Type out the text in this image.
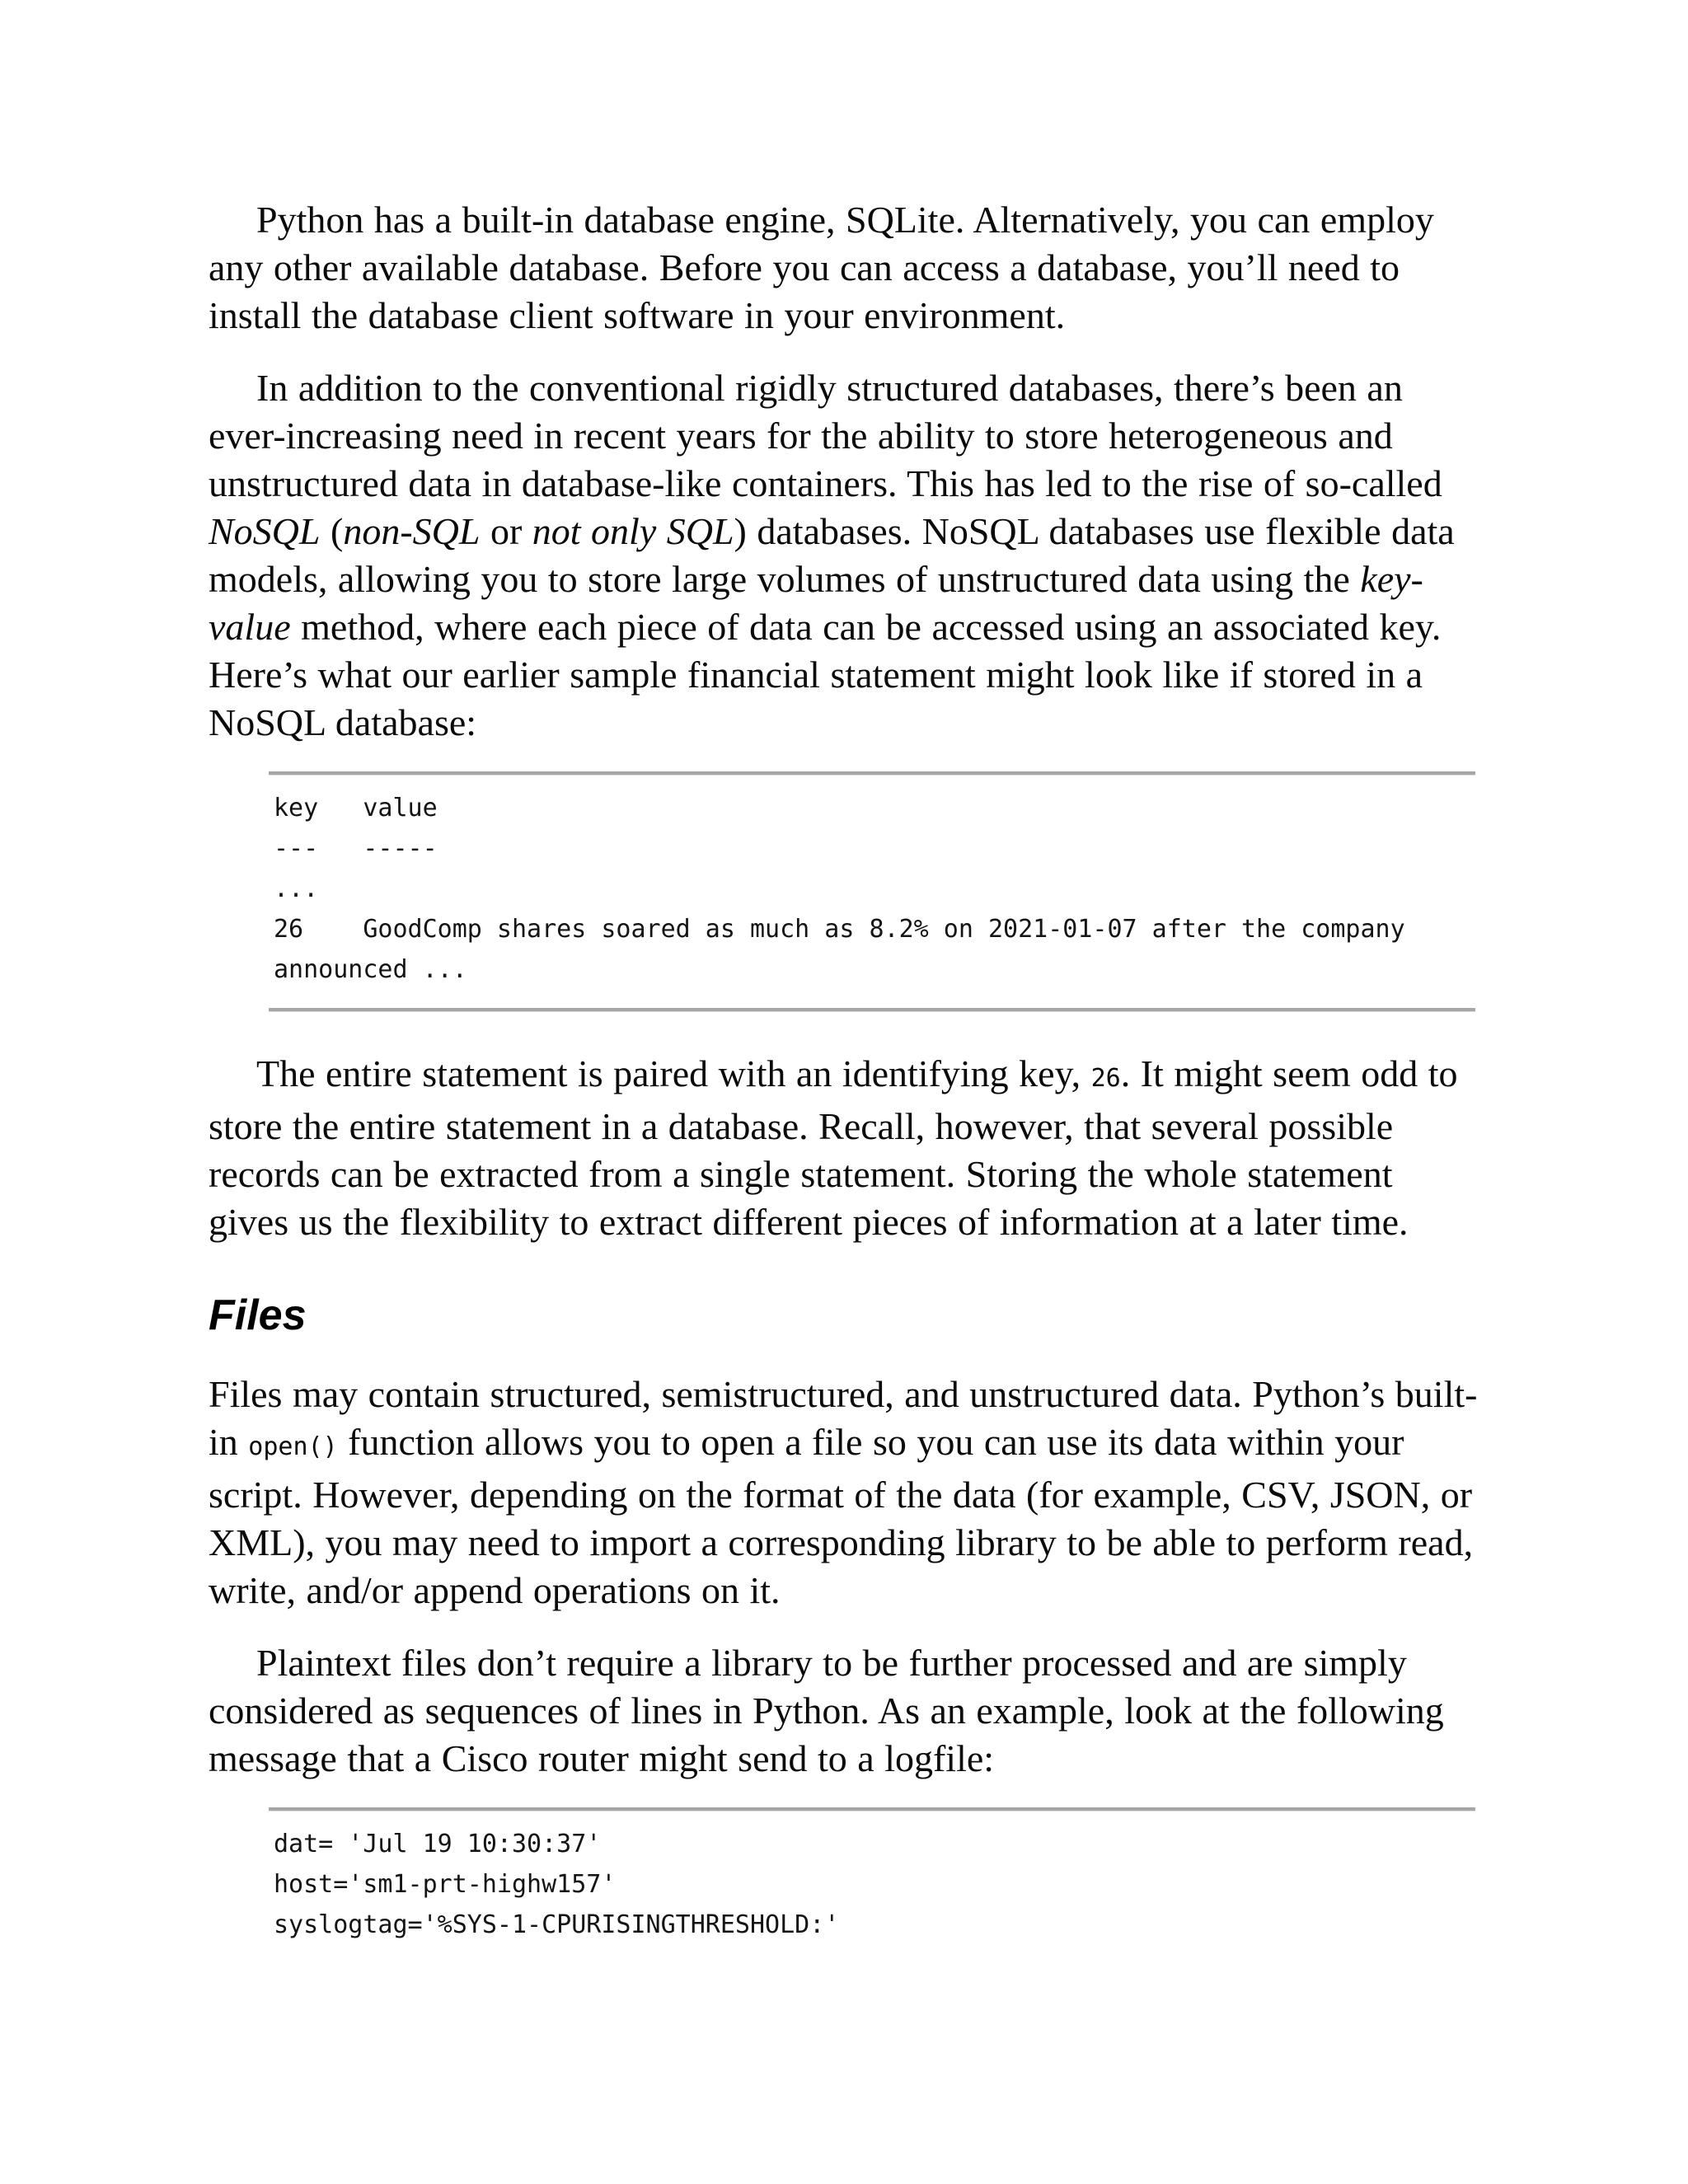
Python has a built-in database engine, SQLite. Alternatively, you can employ any other available database. Before you can access a database, you’ll need to install the database client software in your environment.

In addition to the conventional rigidly structured databases, there’s been an ever-increasing need in recent years for the ability to store heterogeneous and unstructured data in database-like containers. This has led to the rise of so-called NoSQL (non-SQL or not only SQL) databases. NoSQL databases use flexible data models, allowing you to store large volumes of unstructured data using the key-value method, where each piece of data can be accessed using an associated key. Here’s what our earlier sample financial statement might look like if stored in a NoSQL database:

key   value
---   -----
...
26    GoodComp shares soared as much as 8.2% on 2021-01-07 after the company
announced ...

The entire statement is paired with an identifying key, 26. It might seem odd to store the entire statement in a database. Recall, however, that several possible records can be extracted from a single statement. Storing the whole statement gives us the flexibility to extract different pieces of information at a later time.

Files

Files may contain structured, semistructured, and unstructured data. Python’s built-in open() function allows you to open a file so you can use its data within your script. However, depending on the format of the data (for example, CSV, JSON, or XML), you may need to import a corresponding library to be able to perform read, write, and/or append operations on it.

Plaintext files don’t require a library to be further processed and are simply considered as sequences of lines in Python. As an example, look at the following message that a Cisco router might send to a logfile:

dat= 'Jul 19 10:30:37'
host='sm1-prt-highw157'
syslogtag='%SYS-1-CPURISINGTHRESHOLD:'
